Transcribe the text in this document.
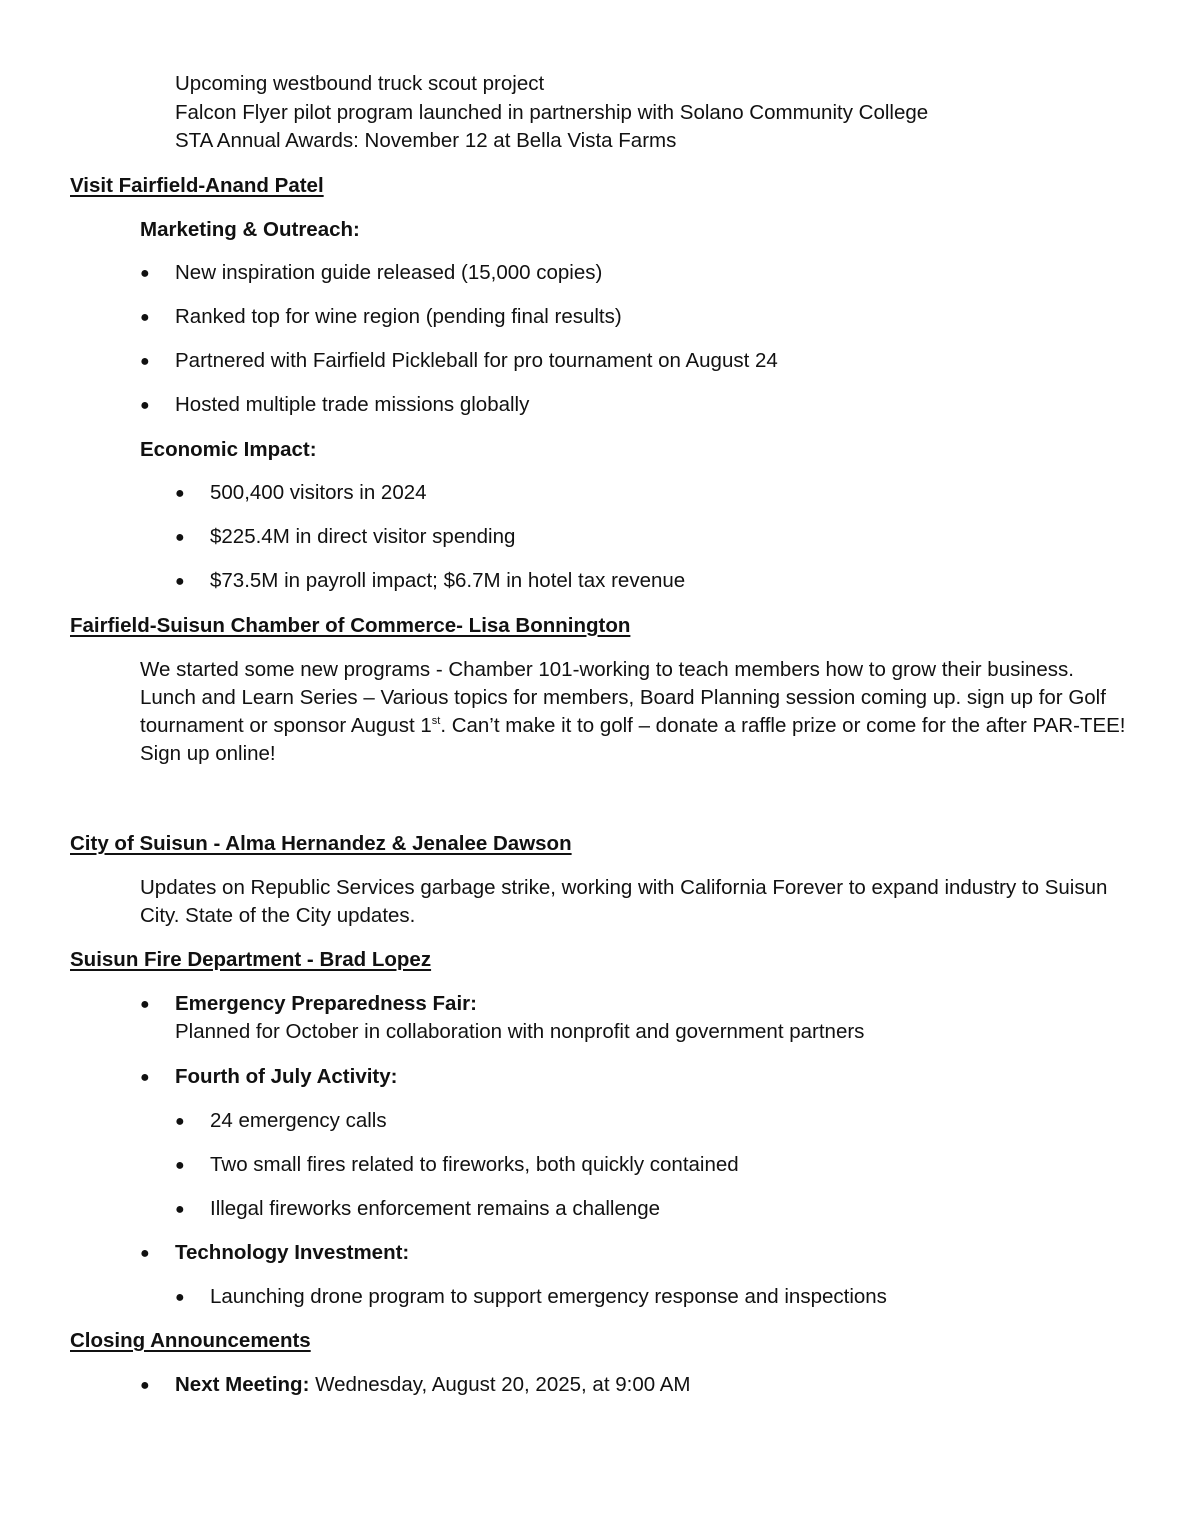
Upcoming westbound truck scout project
Falcon Flyer pilot program launched in partnership with Solano Community College
STA Annual Awards: November 12 at Bella Vista Farms
Visit Fairfield-Anand Patel
Marketing & Outreach:
● New inspiration guide released (15,000 copies)
● Ranked top for wine region (pending final results)
● Partnered with Fairfield Pickleball for pro tournament on August 24
● Hosted multiple trade missions globally
Economic Impact:
● 500,400 visitors in 2024
● $225.4M in direct visitor spending
● $73.5M in payroll impact; $6.7M in hotel tax revenue
Fairfield-Suisun Chamber of Commerce- Lisa Bonnington
We started some new programs - Chamber 101-working to teach members how to grow their business. Lunch and Learn Series – Various topics for members, Board Planning session coming up. sign up for Golf tournament or sponsor August 1st. Can’t make it to golf – donate a raffle prize or come for the after PAR-TEE! Sign up online!
City of Suisun - Alma Hernandez & Jenalee Dawson
Updates on Republic Services garbage strike, working with California Forever to expand industry to Suisun City. State of the City updates.
Suisun Fire Department - Brad Lopez
● Emergency Preparedness Fair:
Planned for October in collaboration with nonprofit and government partners
● Fourth of July Activity:
● 24 emergency calls
● Two small fires related to fireworks, both quickly contained
● Illegal fireworks enforcement remains a challenge
● Technology Investment:
● Launching drone program to support emergency response and inspections
Closing Announcements
● Next Meeting: Wednesday, August 20, 2025, at 9:00 AM
